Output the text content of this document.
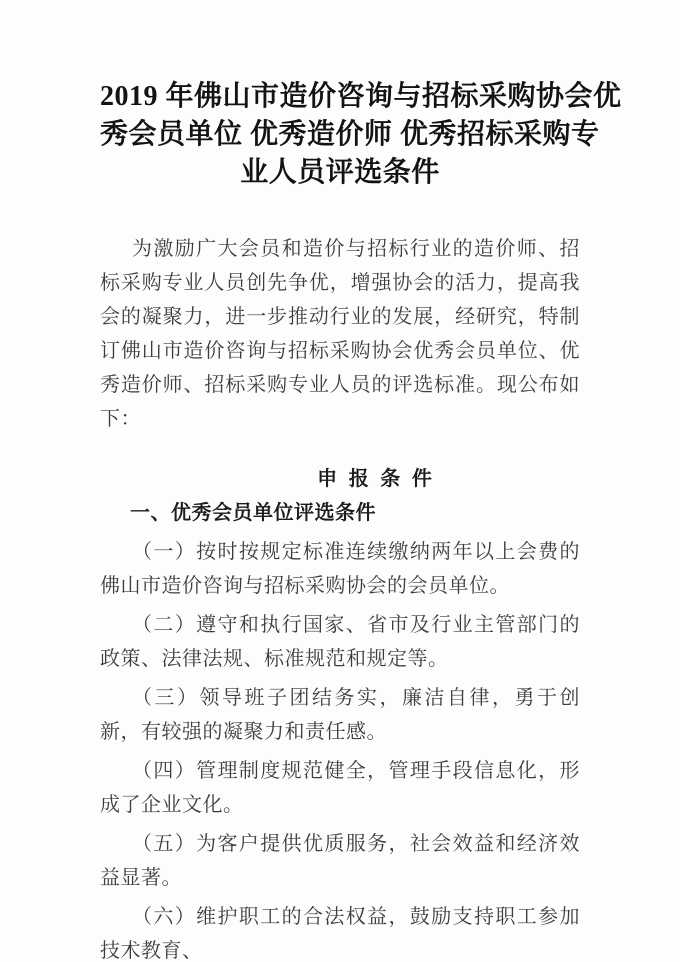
2019 年佛山市造价咨询与招标采购协会优
秀会员单位 优秀造价师 优秀招标采购专
业人员评选条件

为激励广大会员和造价与招标行业的造价师、招标采购专业人员创先争优，增强协会的活力，提高我会的凝聚力，进一步推动行业的发展，经研究，特制订佛山市造价咨询与招标采购协会优秀会员单位、优秀造价师、招标采购专业人员的评选标准。现公布如下：

申 报 条 件
一、优秀会员单位评选条件

（一）按时按规定标准连续缴纳两年以上会费的佛山市造价咨询与招标采购协会的会员单位。

（二）遵守和执行国家、省市及行业主管部门的政策、法律法规、标准规范和规定等。

（三）领导班子团结务实，廉洁自律，勇于创新，有较强的凝聚力和责任感。

（四）管理制度规范健全，管理手段信息化，形成了企业文化。

（五）为客户提供优质服务，社会效益和经济效益显著。

（六）维护职工的合法权益，鼓励支持职工参加技术教育、
